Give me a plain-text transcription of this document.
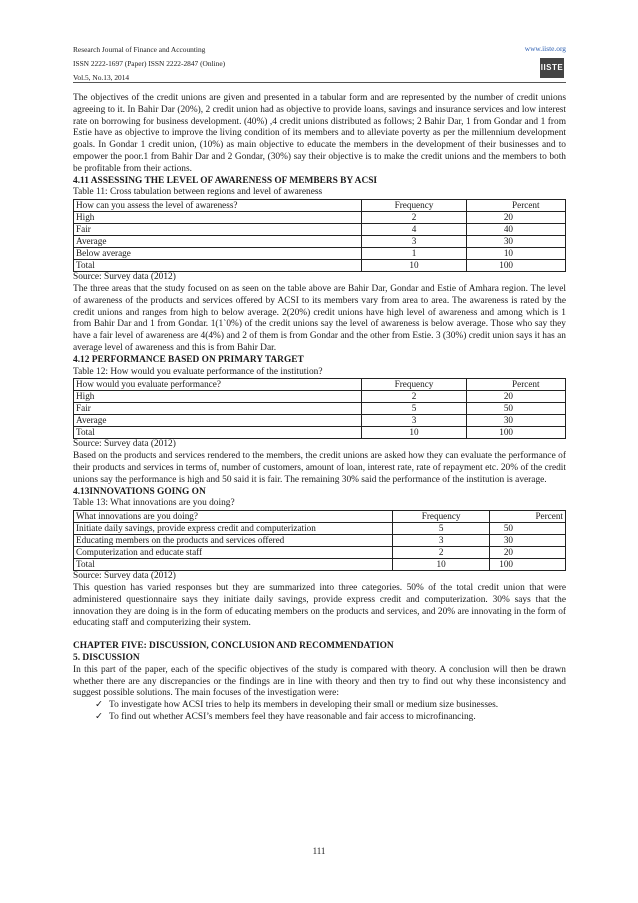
Research Journal of Finance and Accounting
ISSN 2222-1697 (Paper) ISSN 2222-2847 (Online)
Vol.5, No.13, 2014
www.iiste.org
IISTE

The objectives of the credit unions are given and presented in a tabular form and are represented by the number of credit unions agreeing to it. In Bahir Dar (20%), 2 credit union had as objective to provide loans, savings and insurance services and low interest rate on borrowing for business development. (40%) ,4 credit unions distributed as follows; 2 Bahir Dar, 1 from Gondar and 1 from Estie have as objective to improve the living condition of its members and to alleviate poverty as per the millennium development goals. In Gondar 1 credit union, (10%) as main objective to educate the members in the development of their businesses and to empower the poor.1 from Bahir Dar and 2 Gondar, (30%) say their objective is to make the credit unions and the members to both be profitable from their actions.

4.11 ASSESSING THE LEVEL OF AWARENESS OF MEMBERS BY ACSI
Table 11: Cross tabulation between regions and level of awareness
How can you assess the level of awareness?	Frequency	Percent
High	2	20
Fair	4	40
Average	3	30
Below average	1	10
Total	10	100
Source: Survey data (2012)

The three areas that the study focused on as seen on the table above are Bahir Dar, Gondar and Estie of Amhara region. The level of awareness of the products and services offered by ACSI to its members vary from area to area. The awareness is rated by the credit unions and ranges from high to below average. 2(20%) credit unions have high level of awareness and among which is 1 from Bahir Dar and 1 from Gondar. 1(1`0%) of the credit unions say the level of awareness is below average. Those who say they have a fair level of awareness are 4(4%) and 2 of them is from Gondar and the other from Estie. 3 (30%) credit union says it has an average level of awareness and this is from Bahir Dar.

4.12 PERFORMANCE BASED ON PRIMARY TARGET
Table 12: How would you evaluate performance of the institution?
How would you evaluate performance?	Frequency	Percent
High	2	20
Fair	5	50
Average	3	30
Total	10	100
Source: Survey data (2012)

Based on the products and services rendered to the members, the credit unions are asked how they can evaluate the performance of their products and services in terms of, number of customers, amount of loan, interest rate, rate of repayment etc. 20% of the credit unions say the performance is high and 50 said it is fair. The remaining 30% said the performance of the institution is average.

4.13INNOVATIONS GOING ON
Table 13: What innovations are you doing?
What innovations are you doing?	Frequency	Percent
Initiate daily savings, provide express credit and computerization	5	50
Educating members on the products and services offered	3	30
Computerization and educate staff	2	20
Total	10	100
Source: Survey data (2012)

This question has varied responses but they are summarized into three categories. 50% of the total credit union that were administered questionnaire says they initiate daily savings, provide express credit and computerization. 30% says that the innovation they are doing is in the form of educating members on the products and services, and 20% are innovating in the form of educating staff and computerizing their system.

CHAPTER FIVE: DISCUSSION, CONCLUSION AND RECOMMENDATION
5. DISCUSSION

In this part of the paper, each of the specific objectives of the study is compared with theory. A conclusion will then be drawn whether there are any discrepancies or the findings are in line with theory and then try to find out why these inconsistency and suggest possible solutions. The main focuses of the investigation were:

✓ To investigate how ACSI tries to help its members in developing their small or medium size businesses.
✓ To find out whether ACSI’s members feel they have reasonable and fair access to microfinancing.
111
